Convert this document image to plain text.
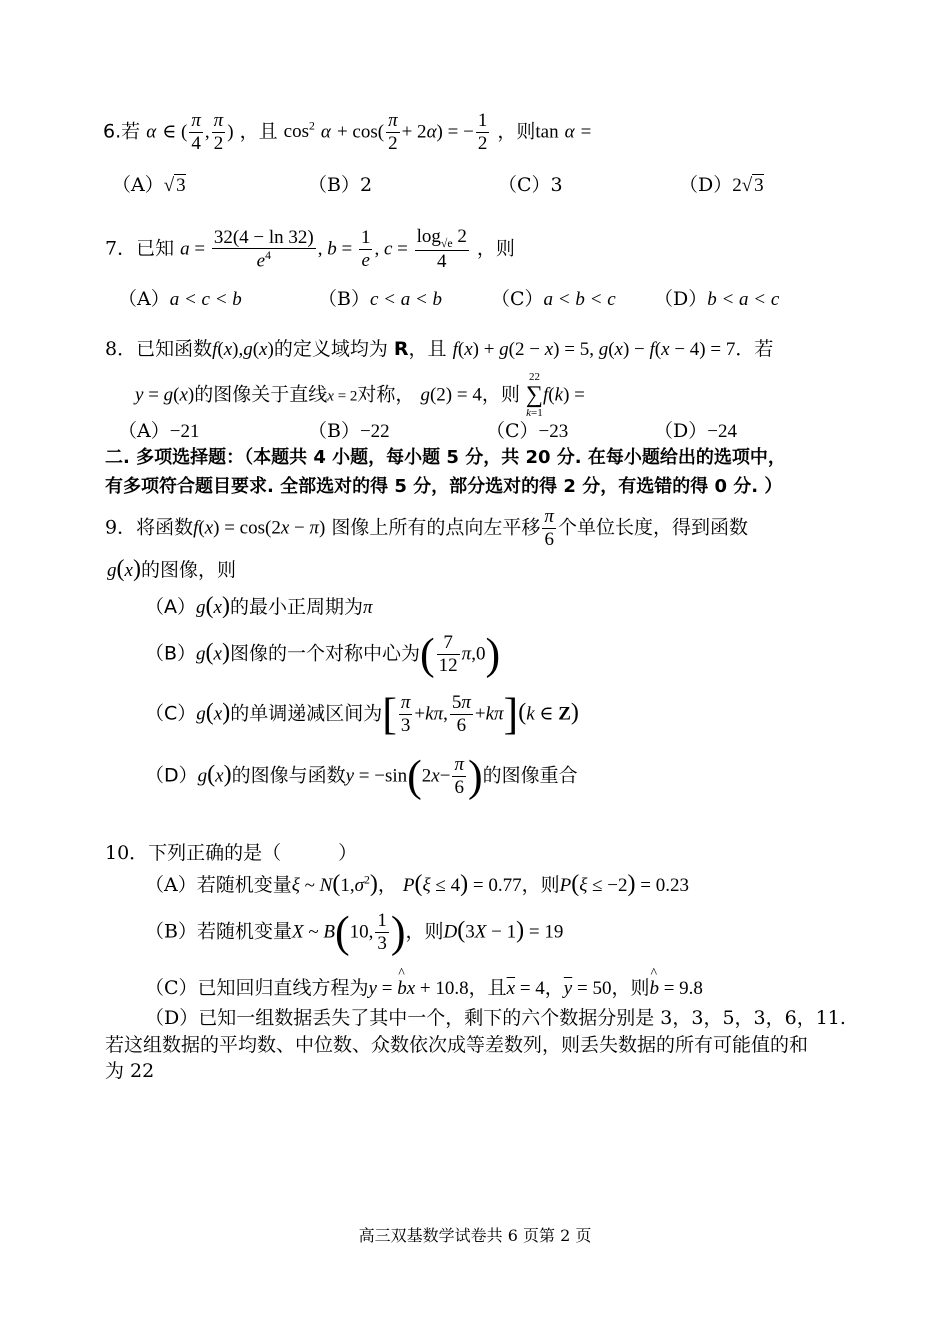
6.若 α ∈ ( $\frac{\pi}{4}$ , $\frac{\pi}{2}$ ) ，且 $\cos^2 \alpha + \cos( \frac{\pi}{2} + 2\alpha)$ = − $\frac{1}{2}$ ，则tan α =
（A）√ 3	（B）2	（C）3	（D）2√ 3
7．已知 $a = \frac{32(4 - \ln 32)}{e^4}$ , $b = \frac{1}{e}$ , $c = \frac{\log_{√e} 2}{4}$ ，则
（A）a < c < b	（B）c < a < b	（C）a < b < c （D）b < a < c
8．已知函数f(x),g(x)的定义域均为 R，且 f(x) + g(2 − x) = 5, g(x) − f(x − 4) = 7．若
y = g(x)的图像关于直线x = 2对称， g(2) = 4，则
22
∑
k=1
f(k) =
（A）−21	（B）−22	（C）−23	（D）−24
二. 多项选择题：（本题共 4 小题，每小题 5 分，共 20 分. 在每小题给出的选项中，
有多项符合题目要求. 全部选对的得 5 分，部分选对的得 2 分，有选错的得 0 分. ）
9．将函数f(x) = cos(2x − π) 图像上所有的点向左平移 $\frac{\pi}{6}$ 个单位长度，得到函数
g(x)的图像，则
（A）g(x)的最小正周期为π
（B）g(x)图像的一个对称中心为( $\frac{7}{12} \pi,0$)
（C）g(x)的单调递减区间为[ $\frac{\pi}{3} +k\pi$, $\frac{5\pi}{6} +k\pi](k$ ∈ Z)
（D）g(x)的图像与函数$y = -\sin(2x- \frac{\pi}{6}$ )的图像重合
10．下列正确的是（　　　）
（A）若随机变量ξ ~ $N(1,\sigma^2)$， P(ξ ≤ 4) = 0.77，则P(ξ ≤ −2) = 0.23
（B）若随机变量X ~ B(10, $\frac{1}{3}$ )，则D(3X − 1) = 19
（C）已知回归直线方程为y = ^ bx + 10.8，且$\overline{x} = 4$，$\overline{y} = 50$，则^ b = 9.8
（D）已知一组数据丢失了其中一个，剩下的六个数据分别是 3，3，5，3，6，11.
若这组数据的平均数、中位数、众数依次成等差数列，则丢失数据的所有可能值的和
为 22
高三双基数学试卷共 6 页第 2 页
